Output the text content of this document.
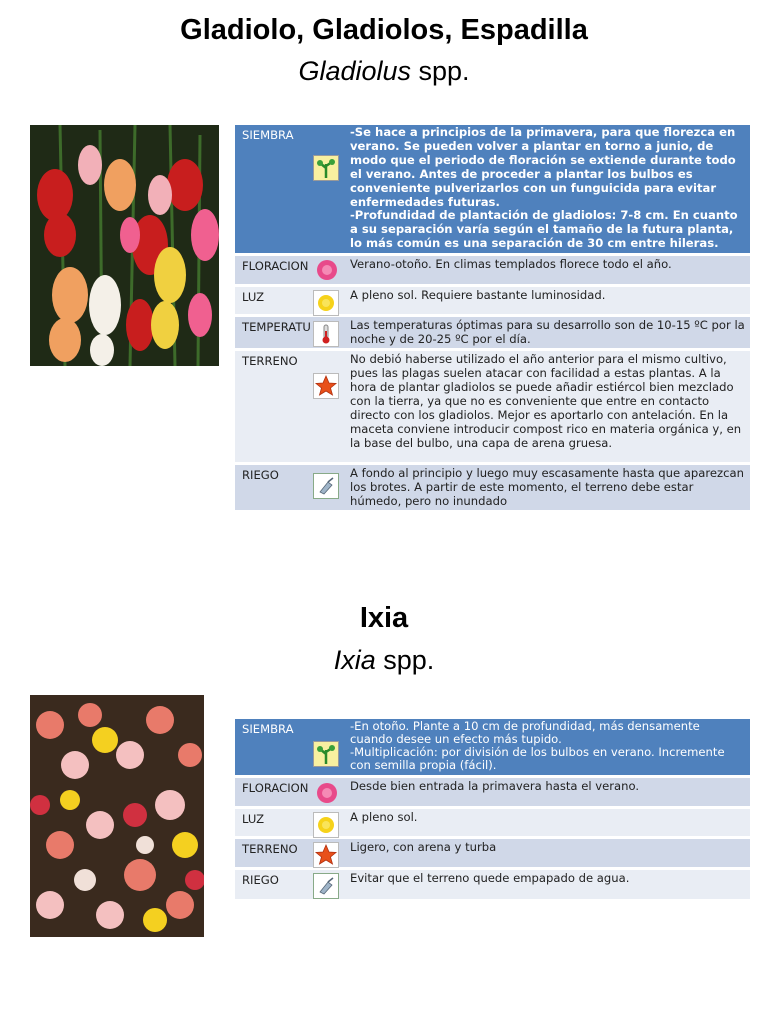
Gladiolo, Gladiolos, Espadilla
Gladiolus spp.
SIEMBRA	-Se hace a principios de la primavera, para que florezca en verano. Se pueden volver a plantar en torno a junio, de modo que el periodo de floración se extiende durante todo el verano. Antes de proceder a plantar los bulbos es conveniente pulverizarlos con un funguicida para evitar enfermedades futuras.
-Profundidad de plantación de gladiolos: 7-8 cm. En cuanto a su separación varía según el tamaño de la futura planta, lo más común es una separación de 30 cm entre hileras.
FLORACION	Verano-otoño. En climas templados florece todo el año.
LUZ	A pleno sol. Requiere bastante luminosidad.
TEMPERATU	Las temperaturas óptimas para su desarrollo son de 10-15 ºC por la noche y de 20-25 ºC por el día.
TERRENO	No debió haberse utilizado el año anterior para el mismo cultivo, pues las plagas suelen atacar con facilidad a estas plantas. A la hora de plantar gladiolos se puede añadir estiércol bien mezclado con la tierra, ya que no es conveniente que entre en contacto directo con los gladiolos. Mejor es aportarlo con antelación. En la maceta conviene introducir compost rico en materia orgánica y, en la base del bulbo, una capa de arena gruesa.
RIEGO	A fondo al principio y luego muy escasamente hasta que aparezcan los brotes. A partir de este momento, el terreno debe estar húmedo, pero no inundado
Ixia
Ixia spp.
SIEMBRA	-En otoño. Plante a 10 cm de profundidad, más densamente cuando desee un efecto más tupido.
-Multiplicación: por división de los bulbos en verano. Incremente con semilla propia (fácil).
FLORACION	Desde bien entrada la primavera hasta el verano.
LUZ	A pleno sol.
TERRENO	Ligero, con arena y turba
RIEGO	Evitar que el terreno quede empapado de agua.
